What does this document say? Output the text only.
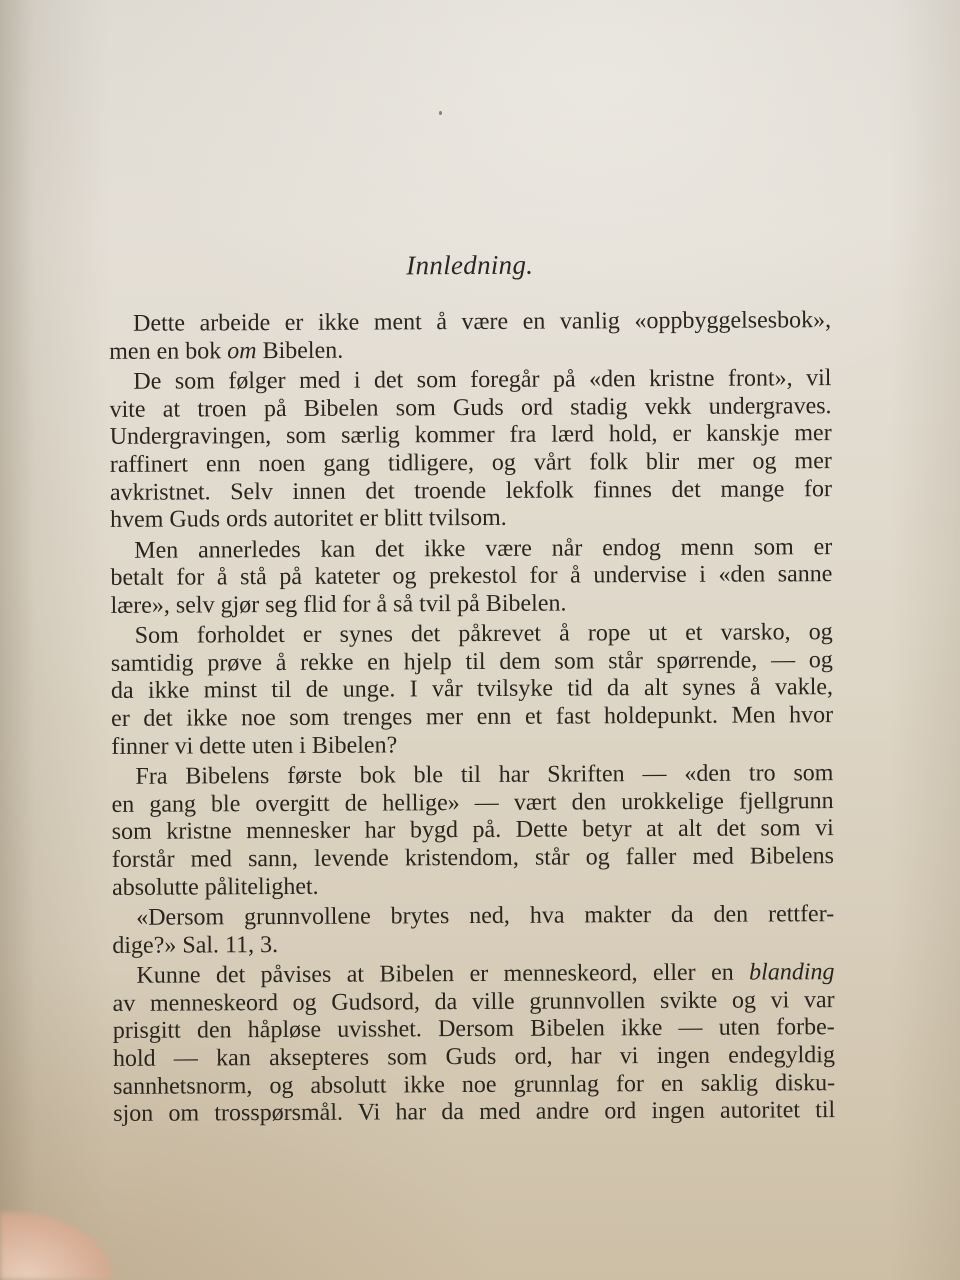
Innledning.
Dette arbeide er ikke ment å være en vanlig «oppbyggelsesbok»,
men en bok om Bibelen.
De som følger med i det som foregår på «den kristne front», vil
vite at troen på Bibelen som Guds ord stadig vekk undergraves.
Undergravingen, som særlig kommer fra lærd hold, er kanskje mer
raffinert enn noen gang tidligere, og vårt folk blir mer og mer
avkristnet. Selv innen det troende lekfolk finnes det mange for
hvem Guds ords autoritet er blitt tvilsom.
Men annerledes kan det ikke være når endog menn som er
betalt for å stå på kateter og prekestol for å undervise i «den sanne
lære», selv gjør seg flid for å så tvil på Bibelen.
Som forholdet er synes det påkrevet å rope ut et varsko, og
samtidig prøve å rekke en hjelp til dem som står spørrende, — og
da ikke minst til de unge. I vår tvilsyke tid da alt synes å vakle,
er det ikke noe som trenges mer enn et fast holdepunkt. Men hvor
finner vi dette uten i Bibelen?
Fra Bibelens første bok ble til har Skriften — «den tro som
en gang ble overgitt de hellige» — vært den urokkelige fjellgrunn
som kristne mennesker har bygd på. Dette betyr at alt det som vi
forstår med sann, levende kristendom, står og faller med Bibelens
absolutte pålitelighet.
«Dersom grunnvollene brytes ned, hva makter da den rettfer-
dige?» Sal. 11, 3.
Kunne det påvises at Bibelen er menneskeord, eller en blanding
av menneskeord og Gudsord, da ville grunnvollen svikte og vi var
prisgitt den håpløse uvisshet. Dersom Bibelen ikke — uten forbe-
hold — kan aksepteres som Guds ord, har vi ingen endegyldig
sannhetsnorm, og absolutt ikke noe grunnlag for en saklig disku-
sjon om trosspørsmål. Vi har da med andre ord ingen autoritet til
